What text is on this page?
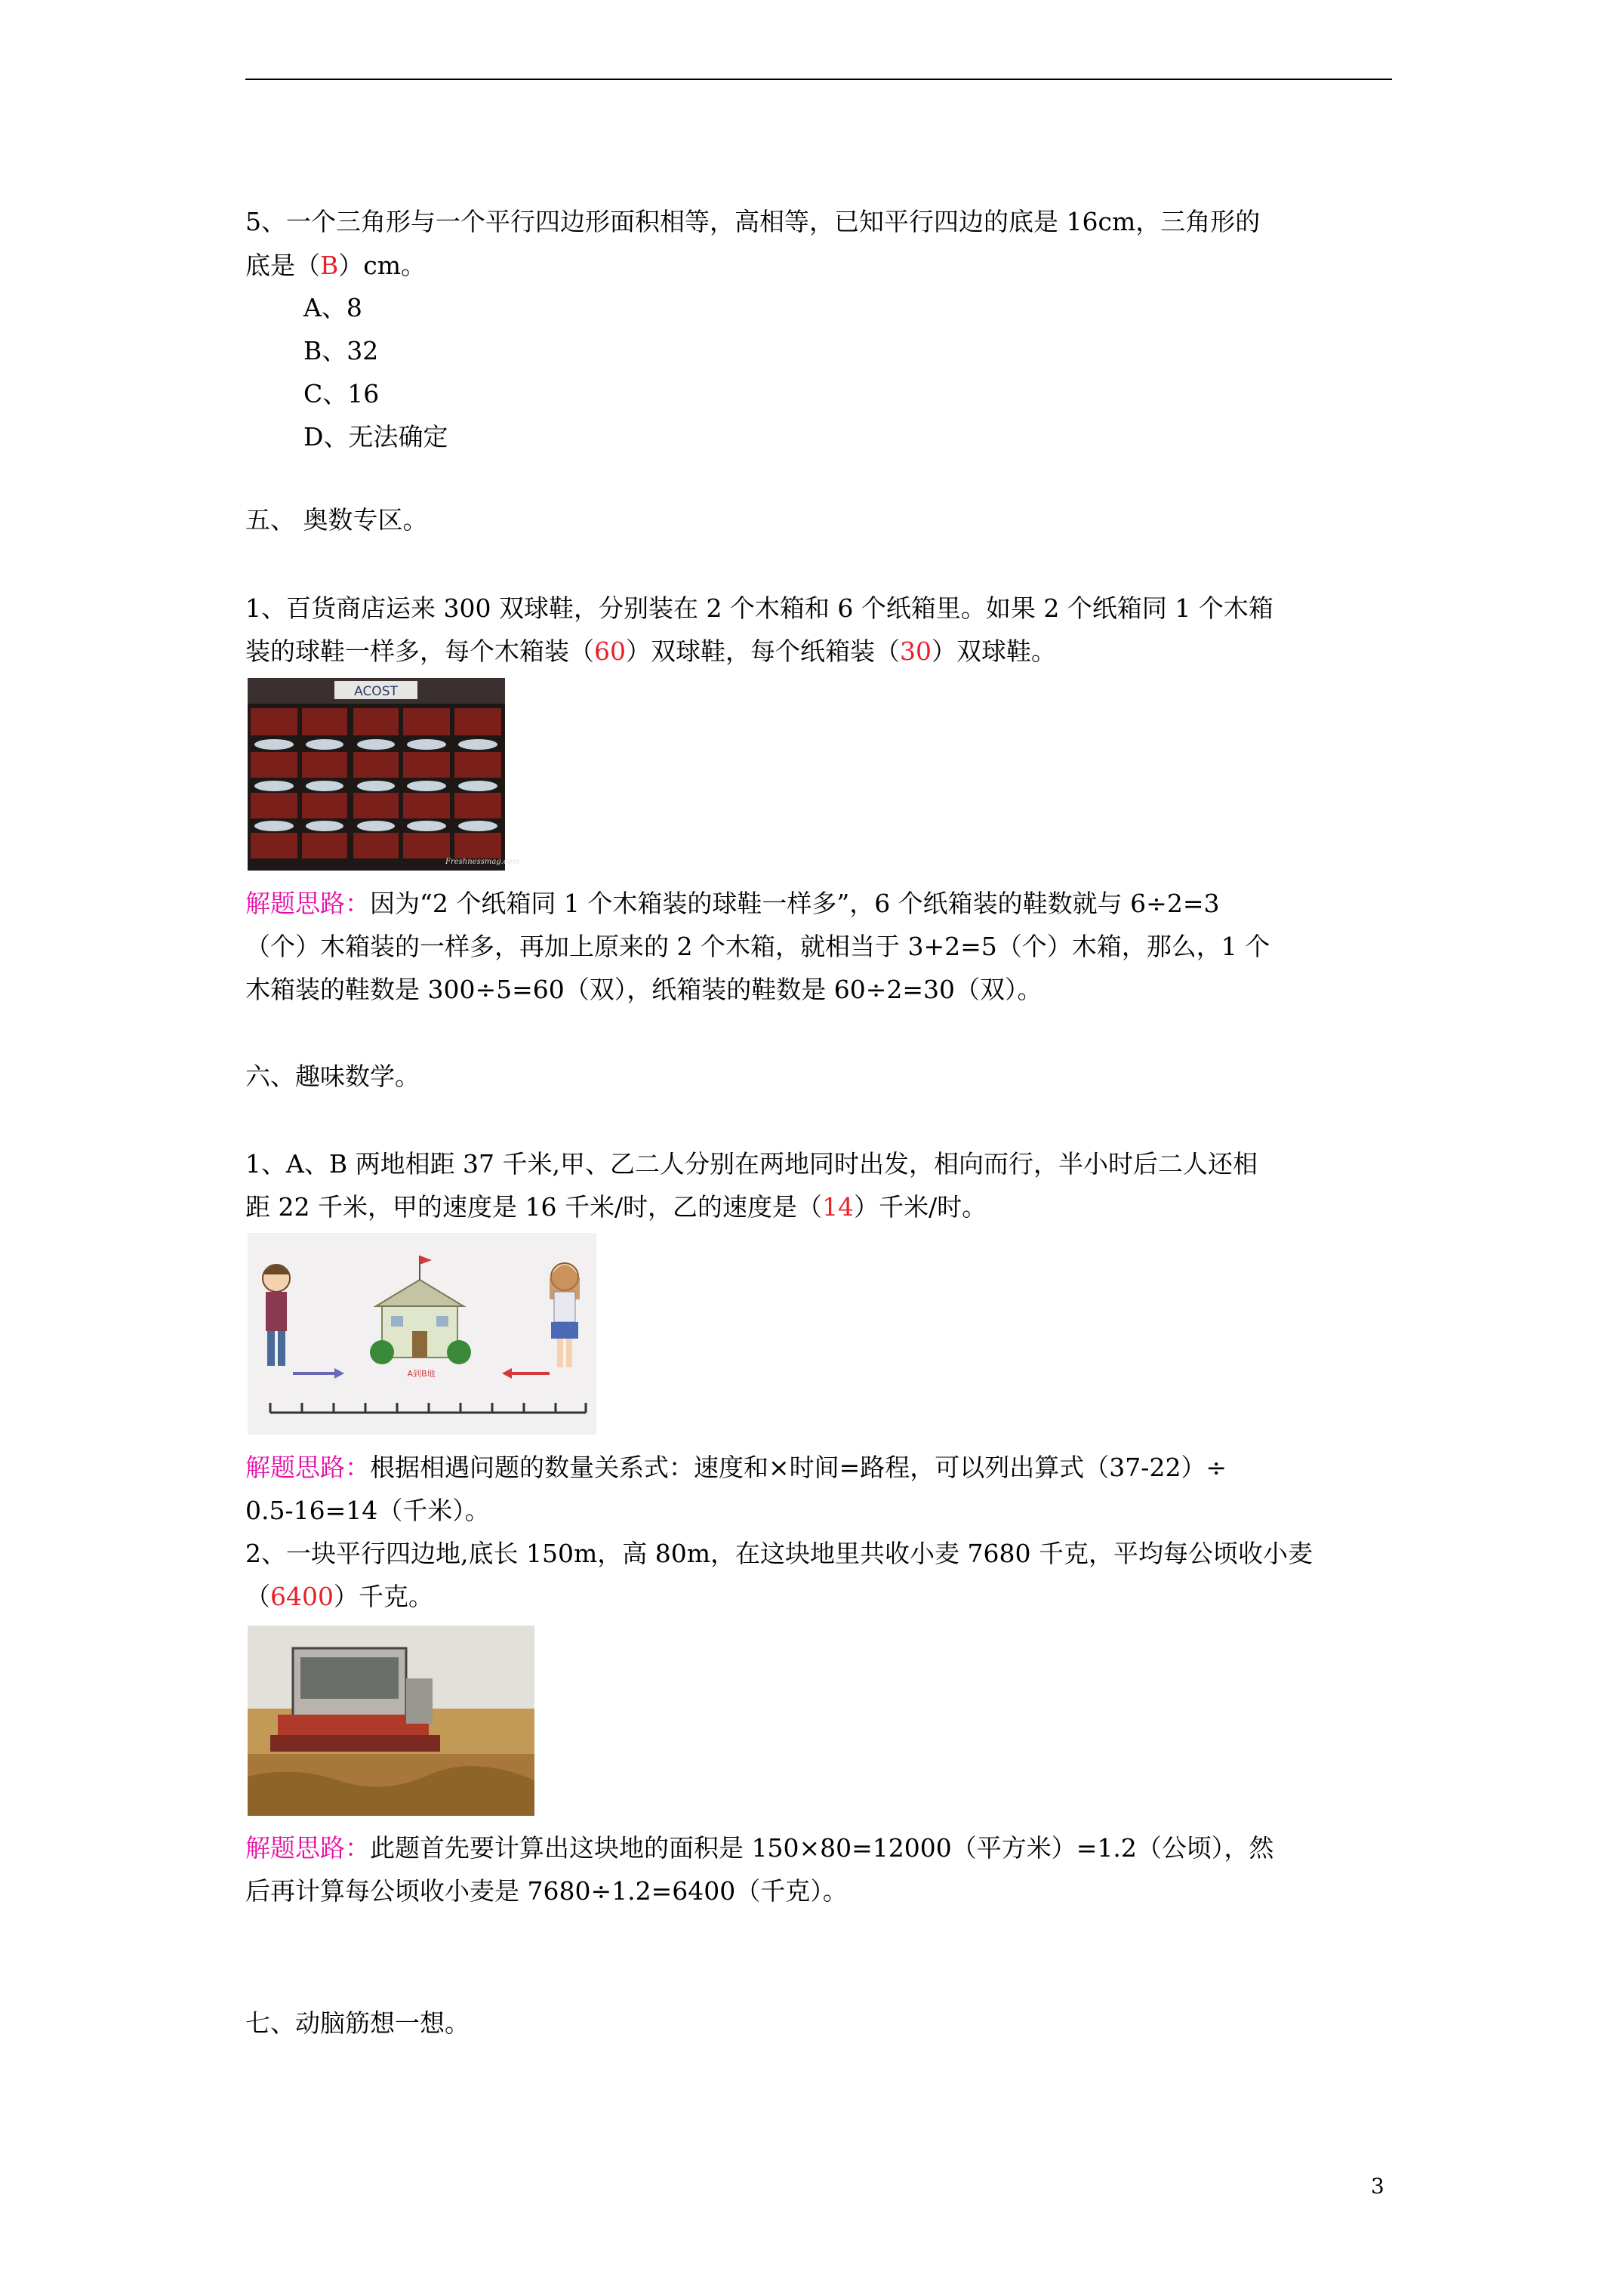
5、一个三角形与一个平行四边形面积相等，高相等，已知平行四边的底是 16cm，三角形的
底是（B）cm。
A、8
B、32
C、16
D、无法确定
五、 奥数专区。
1、百货商店运来 300 双球鞋，分别装在 2 个木箱和 6 个纸箱里。如果 2 个纸箱同 1 个木箱
装的球鞋一样多，每个木箱装（60）双球鞋，每个纸箱装（30）双球鞋。
ACOST
Freshnessmag.com
解题思路：因为“2 个纸箱同 1 个木箱装的球鞋一样多”，6 个纸箱装的鞋数就与 6÷2=3
（个）木箱装的一样多，再加上原来的 2 个木箱，就相当于 3+2=5（个）木箱，那么，1 个
木箱装的鞋数是 300÷5=60（双），纸箱装的鞋数是 60÷2=30（双）。
六、趣味数学。
1、A、B 两地相距 37 千米,甲、乙二人分别在两地同时出发，相向而行，半小时后二人还相
距 22 千米，甲的速度是 16 千米/时，乙的速度是（14）千米/时。
A到B地
解题思路：根据相遇问题的数量关系式：速度和×时间=路程，可以列出算式（37-22）÷
0.5-16=14（千米）。
2、一块平行四边地,底长 150m，高 80m，在这块地里共收小麦 7680 千克，平均每公顷收小麦
（6400）千克。
解题思路：此题首先要计算出这块地的面积是 150×80=12000（平方米）=1.2（公顷），然
后再计算每公顷收小麦是 7680÷1.2=6400（千克）。
七、动脑筋想一想。
3
